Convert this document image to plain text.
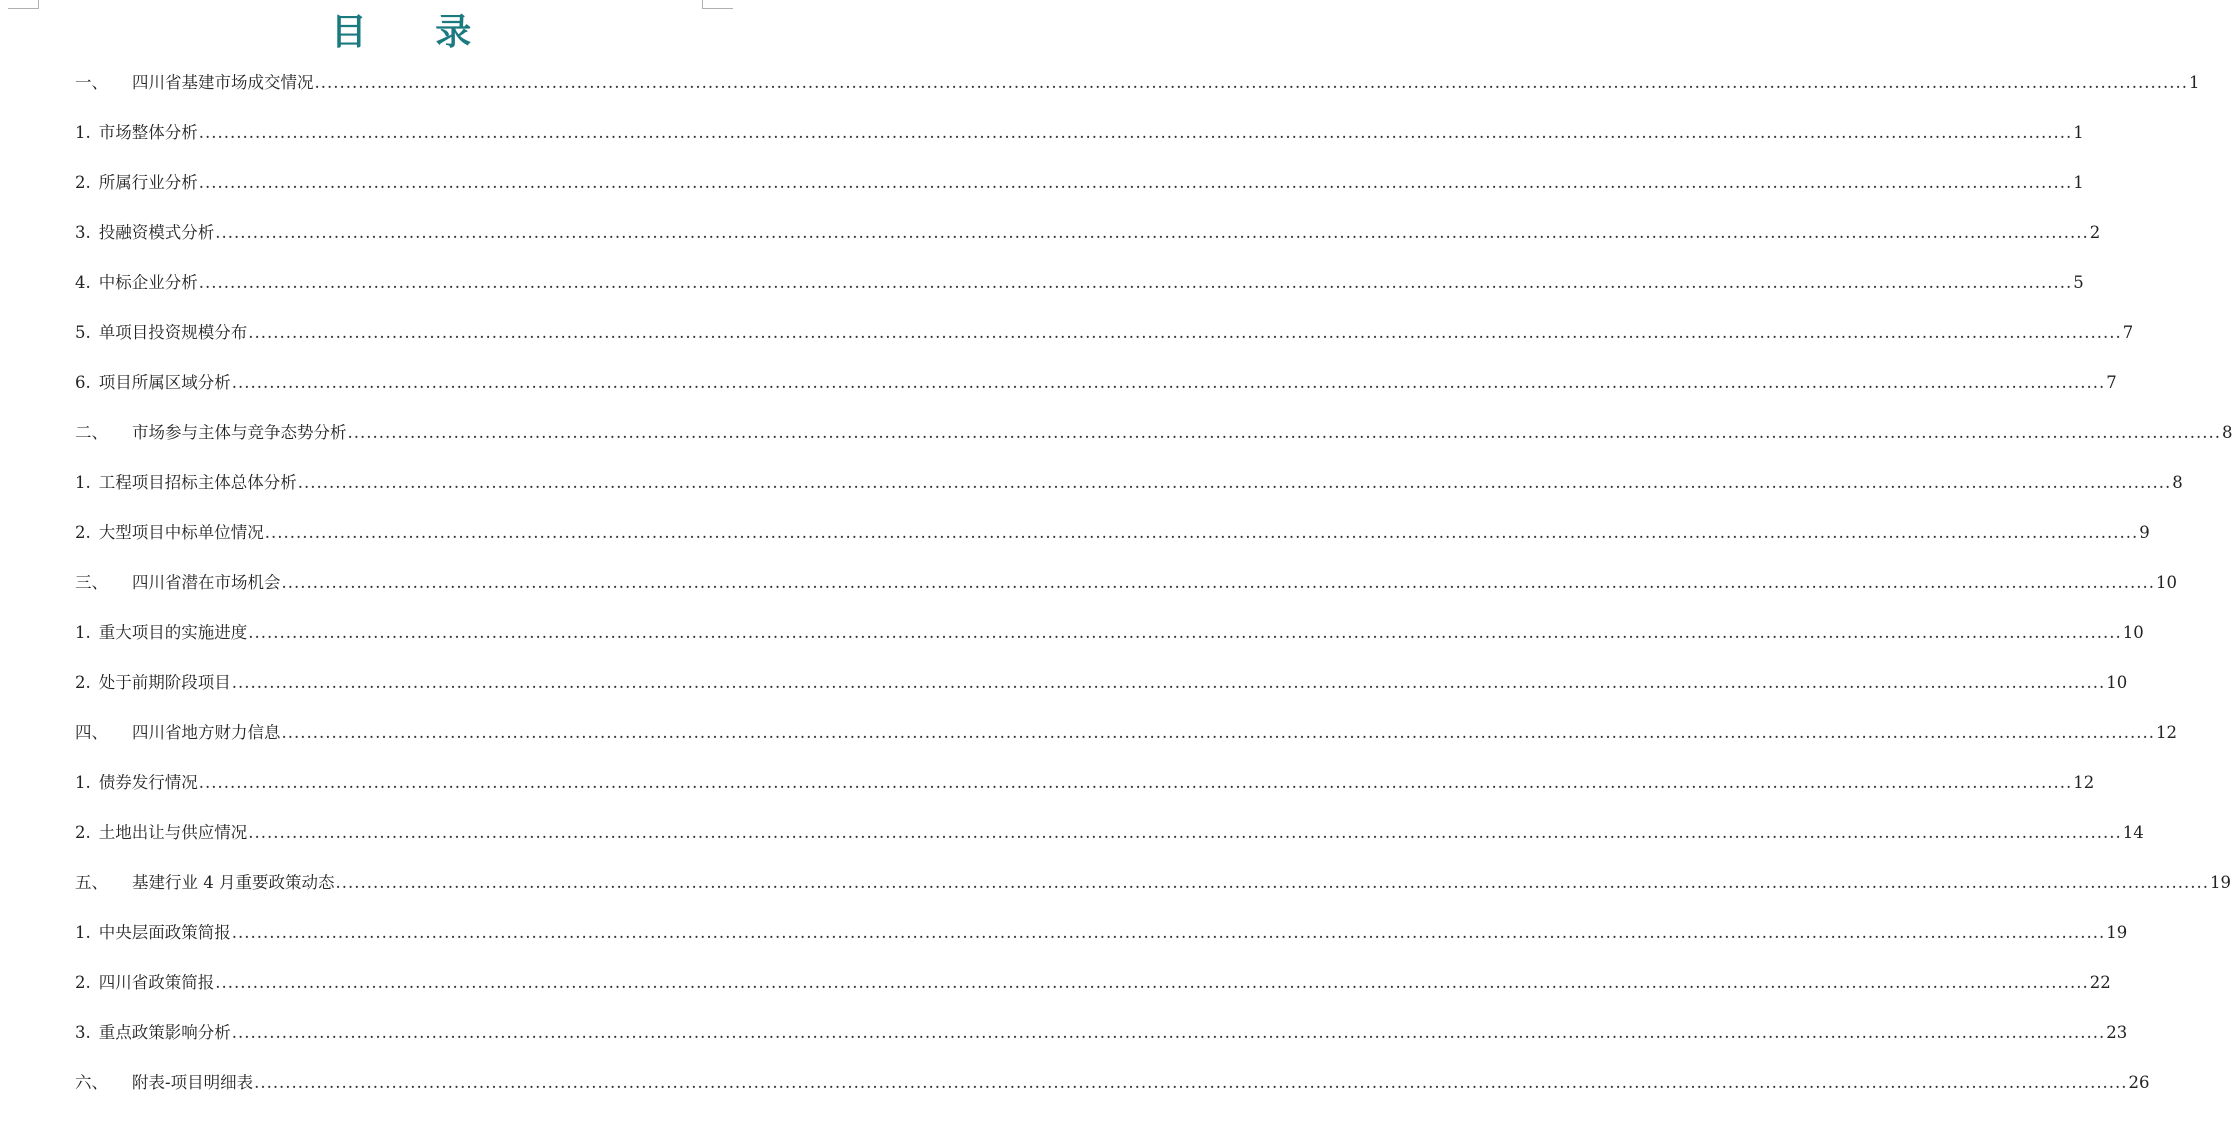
目 录
一、 四川省基建市场成交情况 ............................................................................................................................................................................................................................................................................................................ 1
1. 市场整体分析 ............................................................................................................................................................................................................................................................................................................ 1
2. 所属行业分析 ............................................................................................................................................................................................................................................................................................................ 1
3. 投融资模式分析 ............................................................................................................................................................................................................................................................................................................ 2
4. 中标企业分析 ............................................................................................................................................................................................................................................................................................................ 5
5. 单项目投资规模分布 ............................................................................................................................................................................................................................................................................................................ 7
6. 项目所属区域分析 ............................................................................................................................................................................................................................................................................................................ 7
二、 市场参与主体与竞争态势分析 ............................................................................................................................................................................................................................................................................................................ 8
1. 工程项目招标主体总体分析 ............................................................................................................................................................................................................................................................................................................ 8
2. 大型项目中标单位情况 ............................................................................................................................................................................................................................................................................................................ 9
三、 四川省潜在市场机会 ............................................................................................................................................................................................................................................................................................................ 10
1. 重大项目的实施进度 ............................................................................................................................................................................................................................................................................................................ 10
2. 处于前期阶段项目 ............................................................................................................................................................................................................................................................................................................ 10
四、 四川省地方财力信息 ............................................................................................................................................................................................................................................................................................................ 12
1. 债券发行情况 ............................................................................................................................................................................................................................................................................................................ 12
2. 土地出让与供应情况 ............................................................................................................................................................................................................................................................................................................ 14
五、 基建行业 4 月重要政策动态 ............................................................................................................................................................................................................................................................................................................ 19
1. 中央层面政策简报 ............................................................................................................................................................................................................................................................................................................ 19
2. 四川省政策简报 ............................................................................................................................................................................................................................................................................................................ 22
3. 重点政策影响分析 ............................................................................................................................................................................................................................................................................................................ 23
六、 附表-项目明细表 ............................................................................................................................................................................................................................................................................................................ 26
